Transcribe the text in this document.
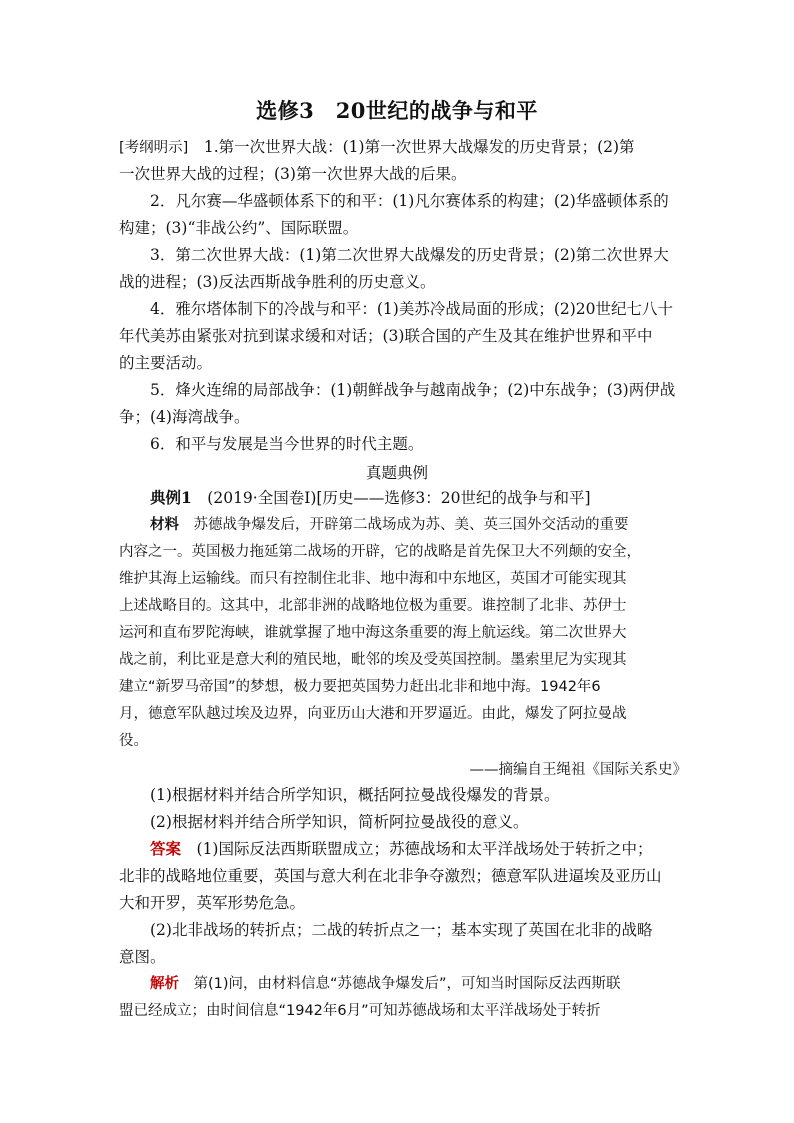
选修3　20世纪的战争与和平
[考纲明示]　1.第一次世界大战：(1)第一次世界大战爆发的历史背景；(2)第
一次世界大战的过程；(3)第一次世界大战的后果。
2．凡尔赛—华盛顿体系下的和平：(1)凡尔赛体系的构建；(2)华盛顿体系的
构建；(3)“非战公约”、国际联盟。
3．第二次世界大战：(1)第二次世界大战爆发的历史背景；(2)第二次世界大
战的进程；(3)反法西斯战争胜利的历史意义。
4．雅尔塔体制下的冷战与和平：(1)美苏冷战局面的形成；(2)20世纪七八十
年代美苏由紧张对抗到谋求缓和对话；(3)联合国的产生及其在维护世界和平中
的主要活动。
5．烽火连绵的局部战争：(1)朝鲜战争与越南战争；(2)中东战争；(3)两伊战
争；(4)海湾战争。
6．和平与发展是当今世界的时代主题。
真题典例
典例1　(2019·全国卷Ⅰ)[历史——选修3：20世纪的战争与和平]
材料　苏德战争爆发后，开辟第二战场成为苏、美、英三国外交活动的重要
内容之一。英国极力拖延第二战场的开辟，它的战略是首先保卫大不列颠的安全，
维护其海上运输线。而只有控制住北非、地中海和中东地区，英国才可能实现其
上述战略目的。这其中，北部非洲的战略地位极为重要。谁控制了北非、苏伊士
运河和直布罗陀海峡，谁就掌握了地中海这条重要的海上航运线。第二次世界大
战之前，利比亚是意大利的殖民地，毗邻的埃及受英国控制。墨索里尼为实现其
建立“新罗马帝国”的梦想，极力要把英国势力赶出北非和地中海。1942年6
月，德意军队越过埃及边界，向亚历山大港和开罗逼近。由此，爆发了阿拉曼战
役。
——摘编自王绳祖《国际关系史》
(1)根据材料并结合所学知识，概括阿拉曼战役爆发的背景。
(2)根据材料并结合所学知识，简析阿拉曼战役的意义。
答案　(1)国际反法西斯联盟成立；苏德战场和太平洋战场处于转折之中；
北非的战略地位重要，英国与意大利在北非争夺激烈；德意军队进逼埃及亚历山
大和开罗，英军形势危急。
(2)北非战场的转折点；二战的转折点之一；基本实现了英国在北非的战略
意图。
解析　第(1)问，由材料信息“苏德战争爆发后”，可知当时国际反法西斯联
盟已经成立；由时间信息“1942年6月”可知苏德战场和太平洋战场处于转折
